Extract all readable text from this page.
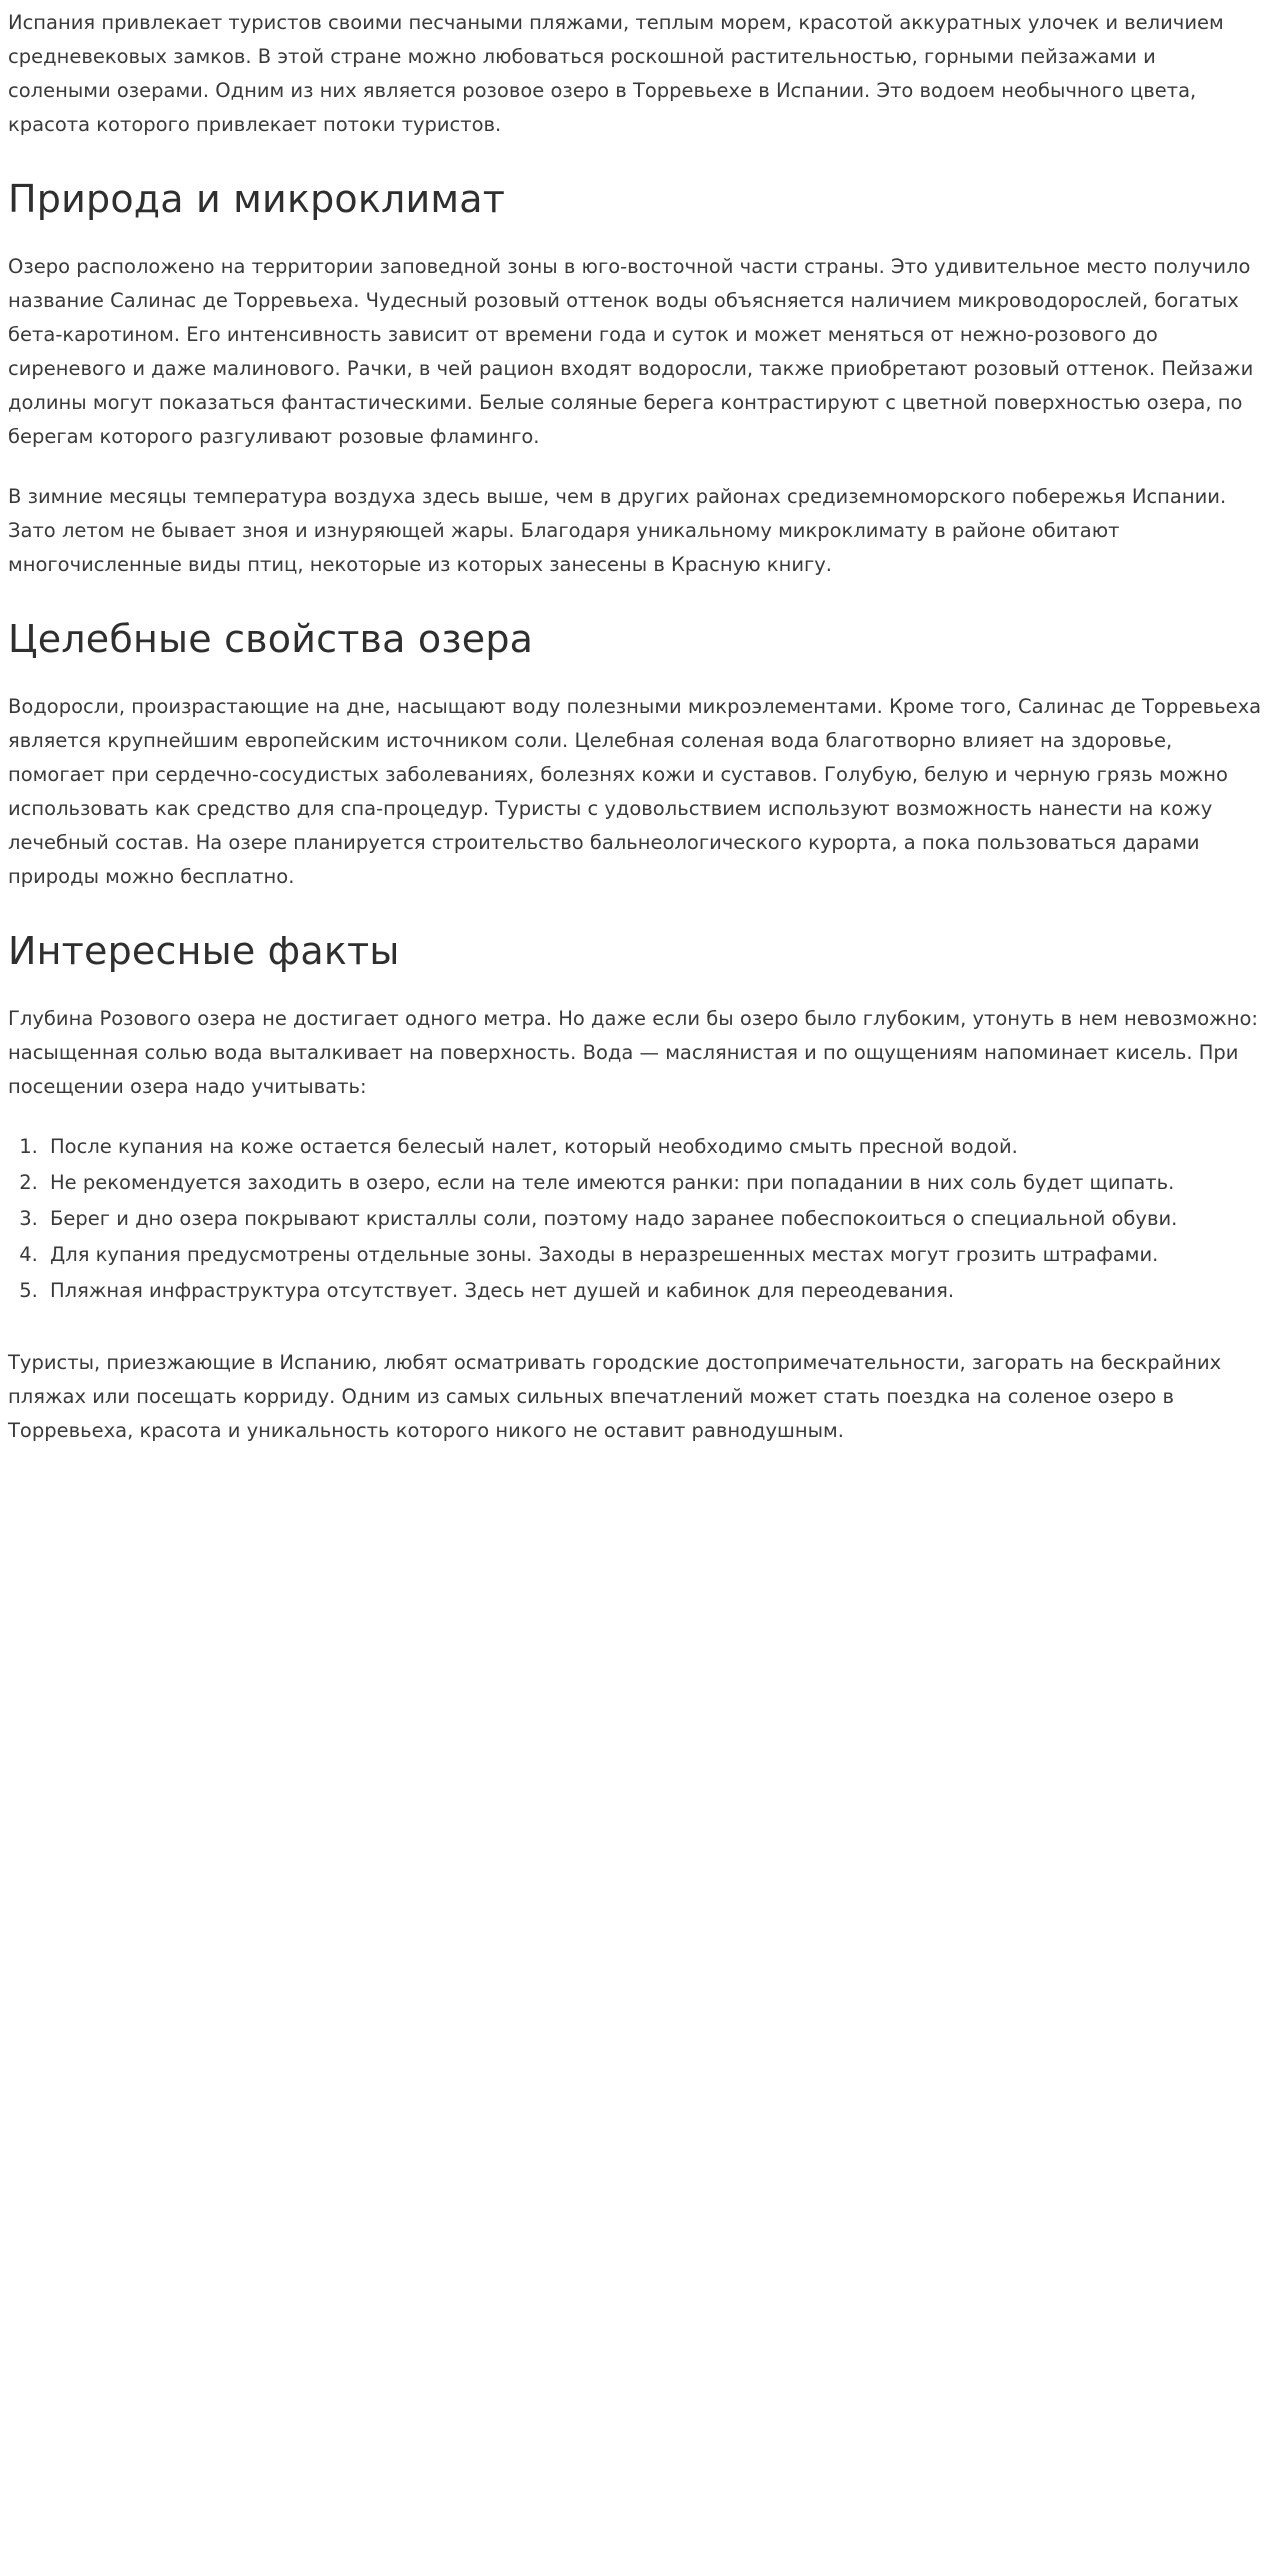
Испания привлекает туристов своими песчаными пляжами, теплым морем, красотой аккуратных улочек и величием средневековых замков. В этой стране можно любоваться роскошной растительностью, горными пейзажами и солеными озерами. Одним из них является розовое озеро в Торревьехе в Испании. Это водоем необычного цвета, красота которого привлекает потоки туристов.

Природа и микроклимат

Озеро расположено на территории заповедной зоны в юго-восточной части страны. Это удивительное место получило название Салинас де Торревьеха. Чудесный розовый оттенок воды объясняется наличием микроводорослей, богатых бета-каротином. Его интенсивность зависит от времени года и суток и может меняться от нежно-розового до сиреневого и даже малинового. Рачки, в чей рацион входят водоросли, также приобретают розовый оттенок. Пейзажи долины могут показаться фантастическими. Белые соляные берега контрастируют с цветной поверхностью озера, по берегам которого разгуливают розовые фламинго.

В зимние месяцы температура воздуха здесь выше, чем в других районах средиземноморского побережья Испании. Зато летом не бывает зноя и изнуряющей жары. Благодаря уникальному микроклимату в районе обитают многочисленные виды птиц, некоторые из которых занесены в Красную книгу.

Целебные свойства озера

Водоросли, произрастающие на дне, насыщают воду полезными микроэлементами. Кроме того, Салинас де Торревьеха является крупнейшим европейским источником соли. Целебная соленая вода благотворно влияет на здоровье, помогает при сердечно-сосудистых заболеваниях, болезнях кожи и суставов. Голубую, белую и черную грязь можно использовать как средство для спа-процедур. Туристы с удовольствием используют возможность нанести на кожу лечебный состав. На озере планируется строительство бальнеологического курорта, а пока пользоваться дарами природы можно бесплатно.

Интересные факты

Глубина Розового озера не достигает одного метра. Но даже если бы озеро было глубоким, утонуть в нем невозможно: насыщенная солью вода выталкивает на поверхность. Вода — маслянистая и по ощущениям напоминает кисель. При посещении озера надо учитывать:

1. После купания на коже остается белесый налет, который необходимо смыть пресной водой.
2. Не рекомендуется заходить в озеро, если на теле имеются ранки: при попадании в них соль будет щипать.
3. Берег и дно озера покрывают кристаллы соли, поэтому надо заранее побеспокоиться о специальной обуви.
4. Для купания предусмотрены отдельные зоны. Заходы в неразрешенных местах могут грозить штрафами.
5. Пляжная инфраструктура отсутствует. Здесь нет душей и кабинок для переодевания.

Туристы, приезжающие в Испанию, любят осматривать городские достопримечательности, загорать на бескрайних пляжах или посещать корриду. Одним из самых сильных впечатлений может стать поездка на соленое озеро в Торревьеха, красота и уникальность которого никого не оставит равнодушным.
